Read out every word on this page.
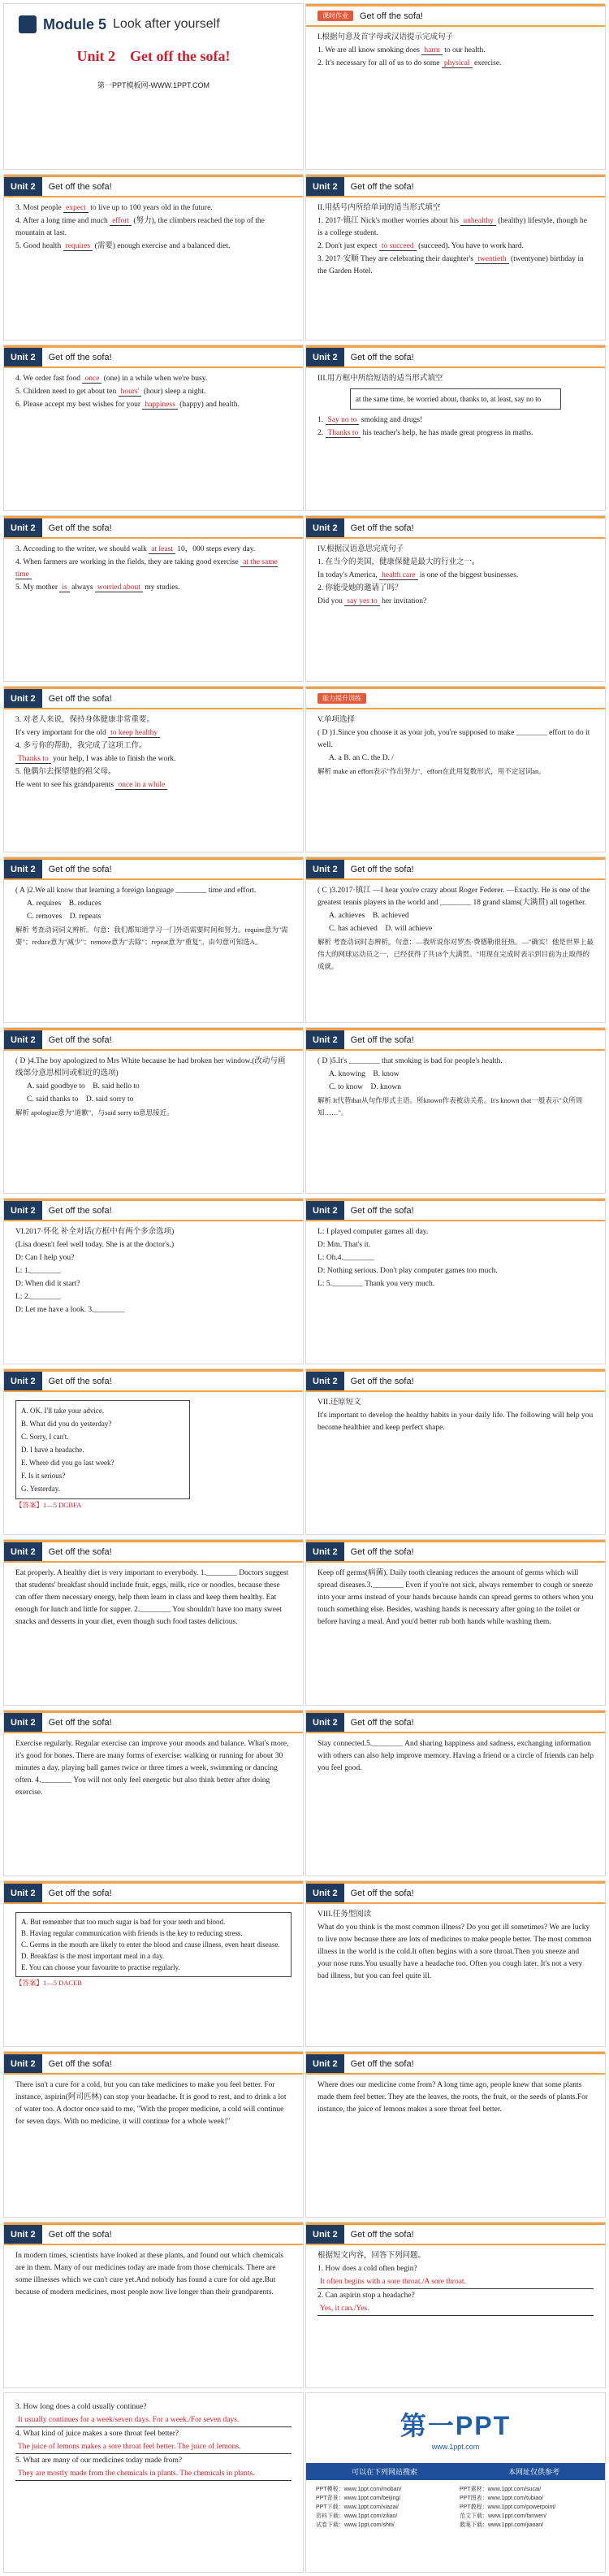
Module 5 Look after yourself
Unit 2 Get off the sofa!
第一PPT模板网-WWW.1PPT.COM
课时作业	Get off the sofa!

I.根据句意及首字母或汉语提示完成句子

1. We are all know smoking does harm to our health.

2. It's necessary for all of us to do some physical exercise.

Unit 2	Get off the sofa!

3. Most people expect to live up to 100 years old in the future.

4. After a long time and much effort (努力), the climbers reached the top of the mountain at last.

5. Good health requires (需要) enough exercise and a balanced diet.

Unit 2	Get off the sofa!

II.用括号内所给单词的适当形式填空

1. 2017·镇江 Nick's mother worries about his unhealthy (healthy) lifestyle, though he is a college student.

2. Don't just expect to succeed (succeed). You have to work hard.

3. 2017·安顺 They are celebrating their daughter's twentieth (twentyone) birthday in the Garden Hotel.

Unit 2	Get off the sofa!

4. We order fast food once (one) in a while when we're busy.

5. Children need to get about ten hours' (hour) sleep a night.

6. Please accept my best wishes for your happiness (happy) and health.

Unit 2	Get off the sofa!

III.用方框中所给短语的适当形式填空

at the same time, be worried about, thanks to, at least, say no to

1. Say no to smoking and drugs!

2. Thanks to his teacher's help, he has made great progress in maths.

Unit 2	Get off the sofa!

3. According to the writer, we should walk at least 10，000 steps every day.

4. When farmers are working in the fields, they are taking good exercise at the same time

5. My mother is always worried about my studies.

Unit 2	Get off the sofa!

IV.根据汉语意思完成句子

1. 在当今的美国，健康保健是最大的行业之一。

In today's America, health care is one of the biggest businesses.

2. 你能受她的邀请了吗？

Did you say yes to her invitation?

Unit 2	Get off the sofa!

3. 对老人来说，保持身体健康非常重要。

It's very important for the old to keep healthy

4. 多亏你的帮助，我完成了这项工作。

Thanks to your help, I was able to finish the work.

5. 他偶尔去探望他的祖父母。

He went to see his grandparents once in a while

能力提升训练

V.单项选择

( D )1.Since you choose it as your job, you're supposed to make ________ effort to do it well.

A. a B. an C. the D. /

解析 make an effort表示"作出努力"，effort在此用复数形式，用不定冠词an。

Unit 2	Get off the sofa!

( A )2.We all know that learning a foreign language ________ time and effort.

A. requires B. reduces

C. removes D. repeats

解析 考查动词词义辨析。句意：我们都知道学习一门外语需要时间和努力。require意为"需要"；reduce意为"减少"；remove意为"去除"；repeat意为"重复"。由句意可知选A。

Unit 2	Get off the sofa!

( C )3.2017·镇江 —I hear you're crazy about Roger Federer. —Exactly. He is one of the greatest tennis players in the world and ________ 18 grand slams(大满贯) all together.

A. achieves B. achieved

C. has achieved D. will achieve

解析 考查动词时态辨析。句意：—我听说你对罗杰·费德勒很狂热。—"确实！他是世界上最伟大的网球运动员之一，已经获得了共18个大满贯。"用现在完成时表示到目前为止取得的成就。

Unit 2	Get off the sofa!

( D )4.The boy apologized to Mrs White because he had broken her window.(改动与画线部分意思相同或相近的选项)

A. said goodbye to B. said hello to

C. said thanks to D. said sorry to

解析 apologize意为"道歉"，与said sorry to意思接近。

Unit 2	Get off the sofa!

( D )5.It's ________ that smoking is bad for people's health.

A. knowing B. know

C. to know D. known

解析 It代替that从句作形式主语。所known作表被动关系。It's known that一般表示"众所周知……"。

Unit 2	Get off the sofa!

VI.2017·怀化 补全对话(方框中有两个多余选项)

(Lisa doesn't feel well today. She is at the doctor's.)

D: Can I help you?

L: 1.________

D: When did it start?

L: 2.________

D: Let me have a look. 3.________

Unit 2	Get off the sofa!

L: I played computer games all day.

D: Mm. That's it.

L: Oh.4.________

D: Nothing serious. Don't play computer games too much.

L: 5.________ Thank you very much.

Unit 2	Get off the sofa!
A. OK. I'll take your advice.
B. What did you do yesterday?
C. Sorry, I can't.
D. I have a headache.
E. Where did you go last week?
F. Is it serious?
G. Yesterday.

【答案】1—5 DGBFA

Unit 2	Get off the sofa!

VII.还原短文

It's important to develop the healthy habits in your daily life. The following will help you become healthier and keep perfect shape.

Unit 2	Get off the sofa!

Eat properly. A healthy diet is very important to everybody. 1.________ Doctors suggest that students' breakfast should include fruit, eggs, milk, rice or noodles, because these can offer them necessary energy, help them learn in class and keep them healthy. Eat enough for lunch and little for supper. 2.________ You shouldn't have too many sweet snacks and desserts in your diet, even though such food tastes delicious.

Unit 2	Get off the sofa!

Keep off germs(病菌). Daily tooth cleaning reduces the amount of germs which will spread diseases.3.________ Even if you're not sick, always remember to cough or sneeze into your arms instead of your hands because hands can spread germs to others when you touch something else. Besides, washing hands is necessary after going to the toilet or before having a meal. And you'd better rub both hands while washing them.

Unit 2	Get off the sofa!

Exercise regularly. Regular exercise can improve your moods and balance. What's more, it's good for bones. There are many forms of exercise: walking or running for about 30 minutes a day, playing ball games twice or three times a week, swimming or dancing often. 4.________ You will not only feel energetic but also think better after doing exercise.

Unit 2	Get off the sofa!

Stay connected.5.________ And sharing happiness and sadness, exchanging information with others can also help improve memory. Having a friend or a circle of friends can help you feel good.

Unit 2	Get off the sofa!
A. But remember that too much sugar is bad for your teeth and blood.
B. Having regular communication with friends is the key to reducing stress.
C. Germs in the mouth are likely to enter the blood and cause illness, even heart disease.
D. Breakfast is the most important meal in a day.
E. You can choose your favourite to practise regularly.

【答案】1—5 DACEB

Unit 2	Get off the sofa!

VIII.任务型阅读

What do you think is the most common illness? Do you get ill sometimes? We are lucky to live now because there are lots of medicines to make people better. The most common illness in the world is the cold.It often begins with a sore throat.Then you sneeze and your nose runs.You usually have a headache too. Often you cough later. It's not a very bad illness, but you can feel quite ill.

Unit 2	Get off the sofa!

There isn't a cure for a cold, but you can take medicines to make you feel better. For instance, aspirin(阿司匹林) can stop your headache. It is good to rest, and to drink a lot of water too. A doctor once said to me, "With the proper medicine, a cold will continue for seven days. With no medicine, it will continue for a whole week!"

Unit 2	Get off the sofa!

Where does our medicine come from? A long time ago, people knew that some plants made them feel better. They ate the leaves, the roots, the fruit, or the seeds of plants.For instance, the juice of lemons makes a sore throat feel better.

Unit 2	Get off the sofa!

In modern times, scientists have looked at these plants, and found out which chemicals are in them. Many of our medicines today are made from those chemicals. There are some illnesses which we can't cure yet.And nobody has found a cure for old age.But because of modern medicines, most people now live longer than their grandparents.

Unit 2	Get off the sofa!

根据短文内容，回答下列问题。

1. How does a cold often begin?

It often begins with a sore throat./A sore throat.

2. Can aspirin stop a headache?

Yes, it can./Yes.

3. How long does a cold usually continue?

It usually continues for a week/seven days. For a week./For seven days.

4. What kind of juice makes a sore throat feel better?

The juice of lemons makes a sore throat feel better. The juice of lemons.

5. What are many of our medicines today made from?

They are mostly made from the chemicals in plants. The chemicals in plants.

第一PPT
www.1ppt.com
可以在下列网站搜索	本网址仅供参考
PPT模板：www.1ppt.com/moban/	PPT素材：www.1ppt.com/sucai/
PPT背景：www.1ppt.com/beijing/	PPT图表：www.1ppt.com/tubiao/
PPT下载：www.1ppt.com/xiazai/	PPT教程：www.1ppt.com/powerpoint/
资料下载：www.1ppt.com/ziliao/	范文下载：www.1ppt.com/fanwen/
试卷下载：www.1ppt.com/shiti/	教案下载：www.1ppt.com/jiaoan/
